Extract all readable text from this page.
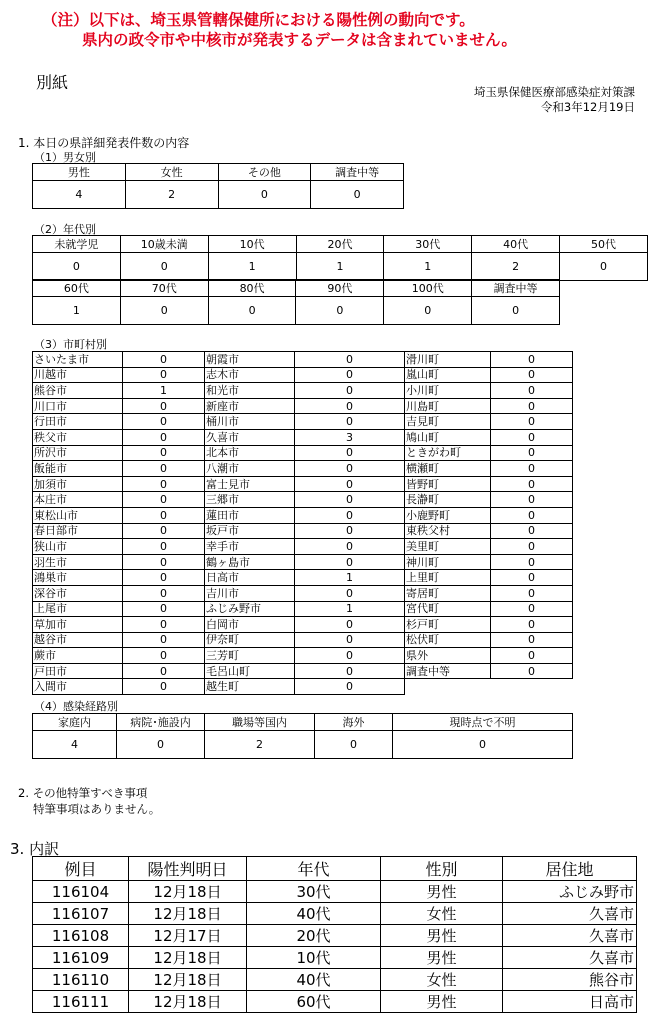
（注）以下は、埼玉県管轄保健所における陽性例の動向です。
県内の政令市や中核市が発表するデータは含まれていません。
別紙	埼玉県保健医療部感染症対策課
令和3年12月19日
1. 本日の県詳細発表件数の内容
（1）男女別
男性	女性	その他	調査中等
4	2	0	0
（2）年代別
未就学児	10歳未満	10代	20代	30代	40代	50代
0	0	1	1	1	2	0
60代	70代	80代	90代	100代	調査中等
1	0	0	0	0	0
（3）市町村別
さいたま市	0	朝霞市	0	滑川町	0
川越市	0	志木市	0	嵐山町	0
熊谷市	1	和光市	0	小川町	0
川口市	0	新座市	0	川島町	0
行田市	0	桶川市	0	吉見町	0
秩父市	0	久喜市	3	鳩山町	0
所沢市	0	北本市	0	ときがわ町	0
飯能市	0	八潮市	0	横瀬町	0
加須市	0	富士見市	0	皆野町	0
本庄市	0	三郷市	0	長瀞町	0
東松山市	0	蓮田市	0	小鹿野町	0
春日部市	0	坂戸市	0	東秩父村	0
狭山市	0	幸手市	0	美里町	0
羽生市	0	鶴ヶ島市	0	神川町	0
鴻巣市	0	日高市	1	上里町	0
深谷市	0	吉川市	0	寄居町	0
上尾市	0	ふじみ野市	1	宮代町	0
草加市	0	白岡市	0	杉戸町	0
越谷市	0	伊奈町	0	松伏町	0
蕨市	0	三芳町	0	県外	0
戸田市	0	毛呂山町	0	調査中等	0
入間市	0	越生町	0		
（4）感染経路別
家庭内	病院･施設内	職場等国内	海外	現時点で不明
4	0	2	0	0
2. その他特筆すべき事項
特筆事項はありません。
3. 内訳
例目	陽性判明日	年代	性別	居住地
116104	12月18日	30代	男性	ふじみ野市
116107	12月18日	40代	女性	久喜市
116108	12月17日	20代	男性	久喜市
116109	12月18日	10代	男性	久喜市
116110	12月18日	40代	女性	熊谷市
116111	12月18日	60代	男性	日高市
